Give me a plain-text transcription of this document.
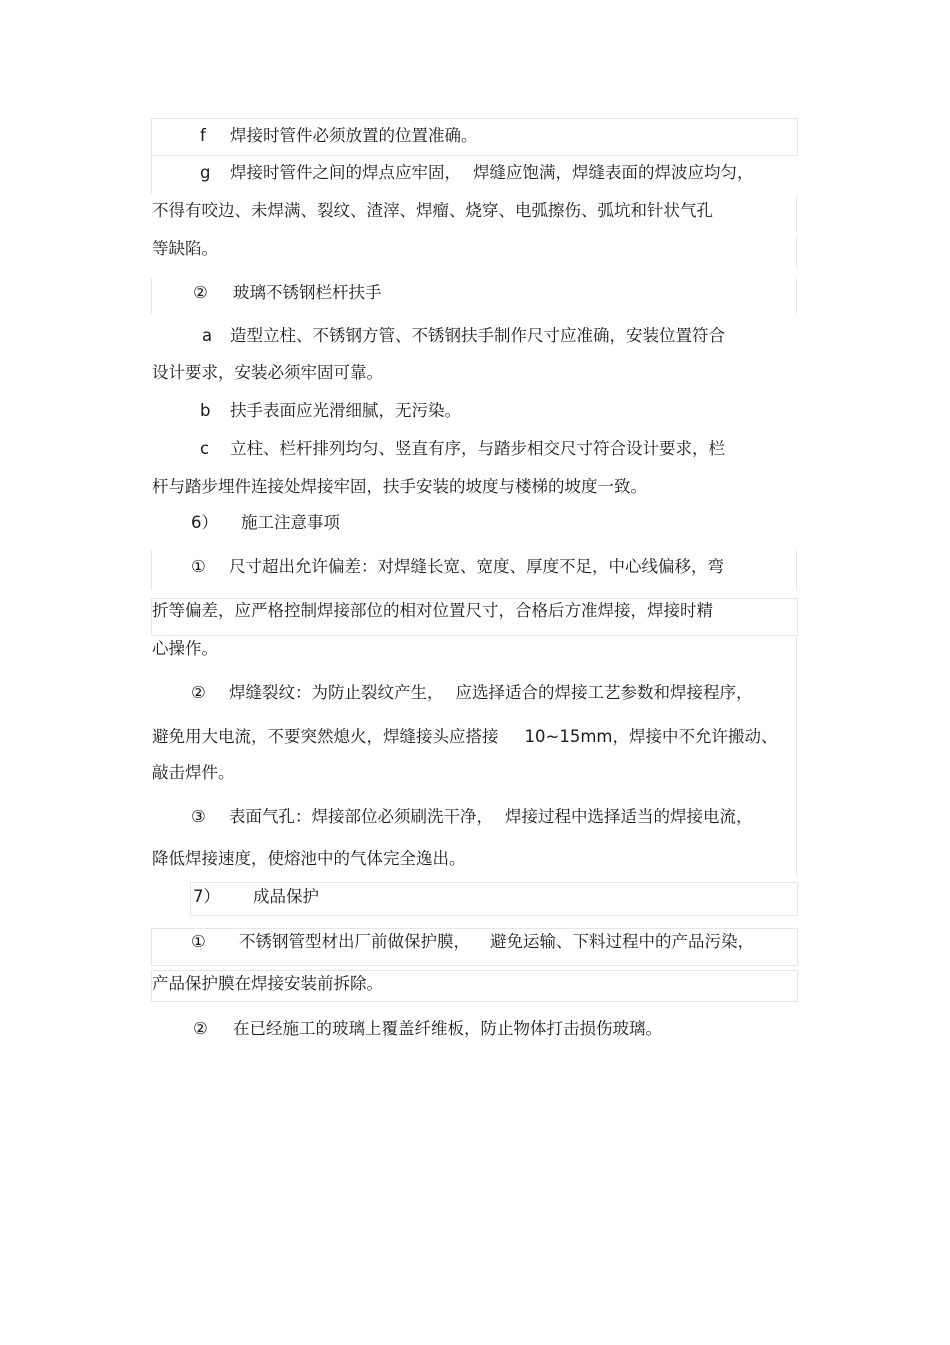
f 焊接时管件必须放置的位置准确。
g 焊接时管件之间的焊点应牢固， 焊缝应饱满，焊缝表面的焊波应均匀，
不得有咬边、未焊满、裂纹、渣滓、焊瘤、烧穿、电弧擦伤、弧坑和针状气孔
等缺陷。
② 玻璃不锈钢栏杆扶手
a 造型立柱、不锈钢方管、不锈钢扶手制作尺寸应准确，安装位置符合
设计要求，安装必须牢固可靠。
b 扶手表面应光滑细腻，无污染。
c 立柱、栏杆排列均匀、竖直有序，与踏步相交尺寸符合设计要求，栏
杆与踏步埋件连接处焊接牢固，扶手安装的坡度与楼梯的坡度一致。
6） 施工注意事项
① 尺寸超出允许偏差：对焊缝长宽、宽度、厚度不足，中心线偏移，弯
折等偏差，应严格控制焊接部位的相对位置尺寸，合格后方准焊接，焊接时精
心操作。
② 焊缝裂纹：为防止裂纹产生， 应选择适合的焊接工艺参数和焊接程序，
避免用大电流，不要突然熄火，焊缝接头应搭接 10~15mm，焊接中不允许搬动、
敲击焊件。
③ 表面气孔：焊接部位必须刷洗干净， 焊接过程中选择适当的焊接电流，
降低焊接速度，使熔池中的气体完全逸出。
7） 成品保护
① 不锈钢管型材出厂前做保护膜， 避免运输、下料过程中的产品污染，
产品保护膜在焊接安装前拆除。
② 在已经施工的玻璃上覆盖纤维板，防止物体打击损伤玻璃。
